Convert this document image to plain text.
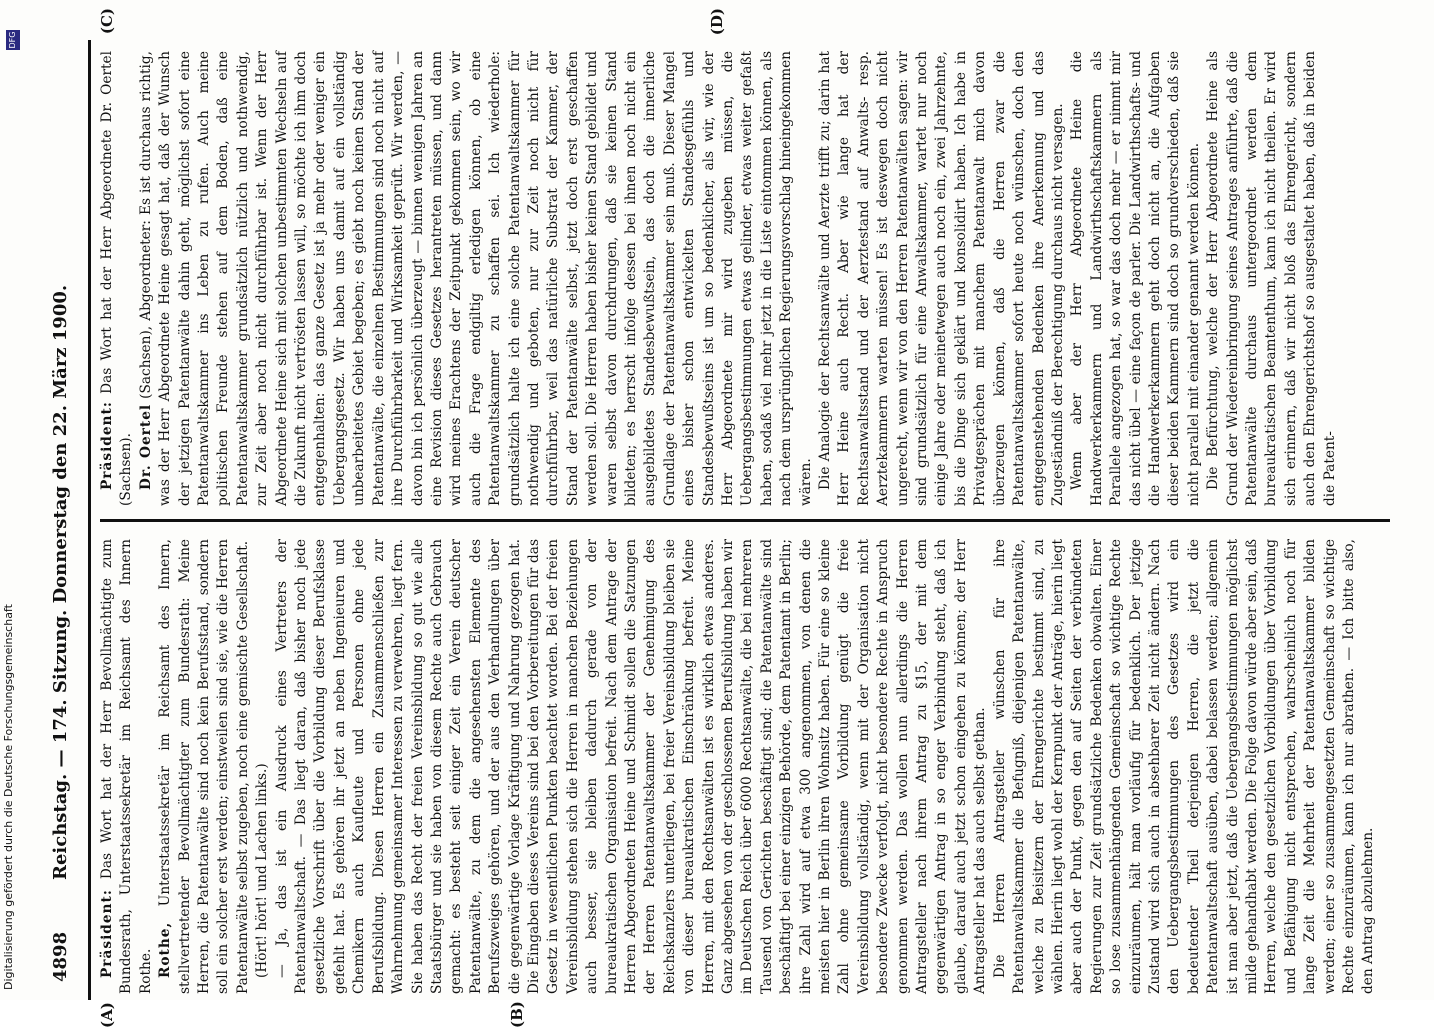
4898
Reichstag. — 174. Sitzung. Donnerstag den 22. März 1900.
(A)	(B)
(C)	(D)

Präsident: Das Wort hat der Herr Bevollmächtigte zum Bundesrath, Unterstaatssekretär im Reichsamt des Innern Rothe. Rothe, Unterstaatssekretär im Reichsamt des Innern, stellvertretender Bevollmächtigter zum Bundesrath: Meine Herren, die Patentanwälte sind noch kein Berufsstand, sondern soll ein solcher erst werden; einstweilen sind sie, wie die Herren Patentanwälte selbst zugeben, noch eine gemischte Gesellschaft. (Hört! hört! und Lachen links.) — Ja, das ist ein Ausdruck eines Vertreters der Patentanwaltschaft. — Das liegt daran, daß bisher noch jede gesetzliche Vorschrift über die Vorbildung dieser Berufsklasse gefehlt hat. Es gehören ihr jetzt an neben Ingenieuren und Chemikern auch Kaufleute und Personen ohne jede Berufsbildung. Diesen Herren ein Zusammenschließen zur Wahrnehmung gemeinsamer Interessen zu verwehren, liegt fern. Sie haben das Recht der freien Vereinsbildung so gut wie alle Staatsbürger und sie haben von diesem Rechte auch Gebrauch gemacht: es besteht seit einiger Zeit ein Verein deutscher Patentanwälte, zu dem die angesehensten Elemente des Berufszweiges gehören, und der aus den Verhandlungen über die gegenwärtige Vorlage Kräftigung und Nahrung gezogen hat. Die Eingaben dieses Vereins sind bei den Vorbereitungen für das Gesetz in wesentlichen Punkten beachtet worden. Bei der freien Vereinsbildung stehen sich die Herren in manchen Beziehungen auch besser, sie bleiben dadurch gerade von der bureaukratischen Organisation befreit. Nach dem Antrage der Herren Abgeordneten Heine und Schmidt sollen die Satzungen der Herren Patentanwaltskammer der Genehmigung des Reichskanzlers unterliegen, bei freier Vereinsbildung bleiben sie von dieser bureaukratischen Einschränkung befreit. Meine Herren, mit den Rechtsanwälten ist es wirklich etwas anderes. Ganz abgesehen von der geschlossenen Berufsbildung haben wir im Deutschen Reich über 6000 Rechtsanwälte, die bei mehreren Tausend von Gerichten beschäftigt sind; die Patentanwälte sind beschäftigt bei einer einzigen Behörde, dem Patentamt in Berlin; ihre Zahl wird auf etwa 300 angenommen, von denen die meisten hier in Berlin ihren Wohnsitz haben. Für eine so kleine Zahl ohne gemeinsame Vorbildung genügt die freie Vereinsbildung vollständig, wenn mit der Organisation nicht besondere Zwecke verfolgt, nicht besondere Rechte in Anspruch genommen werden. Das wollen nun allerdings die Herren Antragsteller nach ihrem Antrag zu §15, der mit dem gegenwärtigen Antrag in so enger Verbindung steht, daß ich glaube, darauf auch jetzt schon eingehen zu können; der Herr Antragsteller hat das auch selbst gethan. Die Herren Antragsteller wünschen für ihre Patentanwaltskammer die Befugniß, diejenigen Patentanwälte, welche zu Beisitzern der Ehrengerichte bestimmt sind, zu wählen. Hierin liegt wohl der Kernpunkt der Anträge, hierin liegt aber auch der Punkt, gegen den auf Seiten der verbündeten Regierungen zur Zeit grundsätzliche Bedenken obwalten. Einer so lose zusammenhängenden Gemeinschaft so wichtige Rechte einzuräumen, hält man vorläufig für bedenklich. Der jetzige Zustand wird sich auch in absehbarer Zeit nicht ändern. Nach den Uebergangsbestimmungen des Gesetzes wird ein bedeutender Theil derjenigen Herren, die jetzt die Patentanwaltschaft ausüben, dabei belassen werden; allgemein ist man aber jetzt, daß die Uebergangsbestimmungen möglichst milde gehandhabt werden. Die Folge davon würde aber sein, daß Herren, welche den gesetzlichen Vorbildungen über Vorbildung und Befähigung nicht entsprechen, wahrscheinlich noch für lange Zeit die Mehrheit der Patentanwaltskammer bilden werden; einer so zusammengesetzten Gemeinschaft so wichtige Rechte einzuräumen, kann ich nur abrathen. — Ich bitte also, den Antrag abzulehnen.

Präsident: Das Wort hat der Herr Abgeordnete Dr. Oertel (Sachsen). Dr. Oertel (Sachsen), Abgeordneter: Es ist durchaus richtig, was der Herr Abgeordnete Heine gesagt hat, daß der Wunsch der jetzigen Patentanwälte dahin geht, möglichst sofort eine Patentanwaltskammer ins Leben zu rufen. Auch meine politischen Freunde stehen auf dem Boden, daß eine Patentanwaltskammer grundsätzlich nützlich und nothwendig, zur Zeit aber noch nicht durchführbar ist. Wenn der Herr Abgeordnete Heine sich mit solchen unbestimmten Wechseln auf die Zukunft nicht vertrösten lassen will, so möchte ich ihm doch entgegenhalten: das ganze Gesetz ist ja mehr oder weniger ein Uebergangsgesetz. Wir haben uns damit auf ein vollständig unbearbeitetes Gebiet begeben; es giebt noch keinen Stand der Patentanwälte, die einzelnen Bestimmungen sind noch nicht auf ihre Durchführbarkeit und Wirksamkeit geprüft. Wir werden, — davon bin ich persönlich überzeugt — binnen wenigen Jahren an eine Revision dieses Gesetzes herantreten müssen, und dann wird meines Erachtens der Zeitpunkt gekommen sein, wo wir auch die Frage endgiltig erledigen können, ob eine Patentanwaltskammer zu schaffen sei. Ich wiederhole: grundsätzlich halte ich eine solche Patentanwaltskammer für nothwendig und geboten, nur zur Zeit noch nicht für durchführbar, weil das natürliche Substrat der Kammer, der Stand der Patentanwälte selbst, jetzt doch erst geschaffen werden soll. Die Herren haben bisher keinen Stand gebildet und waren selbst davon durchdrungen, daß sie keinen Stand bildeten; es herrscht infolge dessen bei ihnen noch nicht ein ausgebildetes Standesbewußtsein, das doch die innerliche Grundlage der Patentanwaltskammer sein muß. Dieser Mangel eines bisher schon entwickelten Standesgefühls und Standesbewußtseins ist um so bedenklicher, als wir, wie der Herr Abgeordnete mir wird zugeben müssen, die Uebergangsbestimmungen etwas gelinder, etwas weiter gefaßt haben, sodaß viel mehr jetzt in die Liste eintommen können, als nach dem ursprünglichen Regierungsvorschlag hineingekommen wären. Die Analogie der Rechtsanwälte und Aerzte trifft zu; darin hat Herr Heine auch Recht. Aber wie lange hat der Rechtsanwaltsstand und der Aerztestand auf Anwalts- resp. Aerztekammern warten müssen! Es ist deswegen doch nicht ungerecht, wenn wir von den Herren Patentanwälten sagen: wir sind grundsätzlich für eine Anwaltskammer, wartet nur noch einige Jahre oder meinetwegen auch noch ein, zwei Jahrzehnte, bis die Dinge sich geklärt und konsolidirt haben. Ich habe in Privatgesprächen mit manchem Patentanwalt mich davon überzeugen können, daß die Herren zwar die Patentanwaltskammer sofort heute noch wünschen, doch den entgegenstehenden Bedenken ihre Anerkennung und das Zugeständniß der Berechtigung durchaus nicht versagen. Wenn aber der Herr Abgeordnete Heine die Handwerkerkammern und Landwirthschaftskammern als Parallele angezogen hat, so war das doch mehr — er nimmt mir das nicht übel — eine façon de parler. Die Landwirthschafts- und die Handwerkerkammern geht doch nicht an, die Aufgaben dieser beiden Kammern sind doch so grundverschieden, daß sie nicht parallel mit einander genannt werden können. Die Befürchtung, welche der Herr Abgeordnete Heine als Grund der Wiedereinbringung seines Antrages anführte, daß die Patentanwälte durchaus untergeordnet werden dem bureaukratischen Beamtenthum, kann ich nicht theilen. Er wird sich erinnern, daß wir nicht bloß das Ehrengericht, sondern auch den Ehrengerichtshof so ausgestaltet haben, daß in beiden die Patent-

DFG
Digitalisierung gefördert durch die Deutsche Forschungsgemeinschaft
